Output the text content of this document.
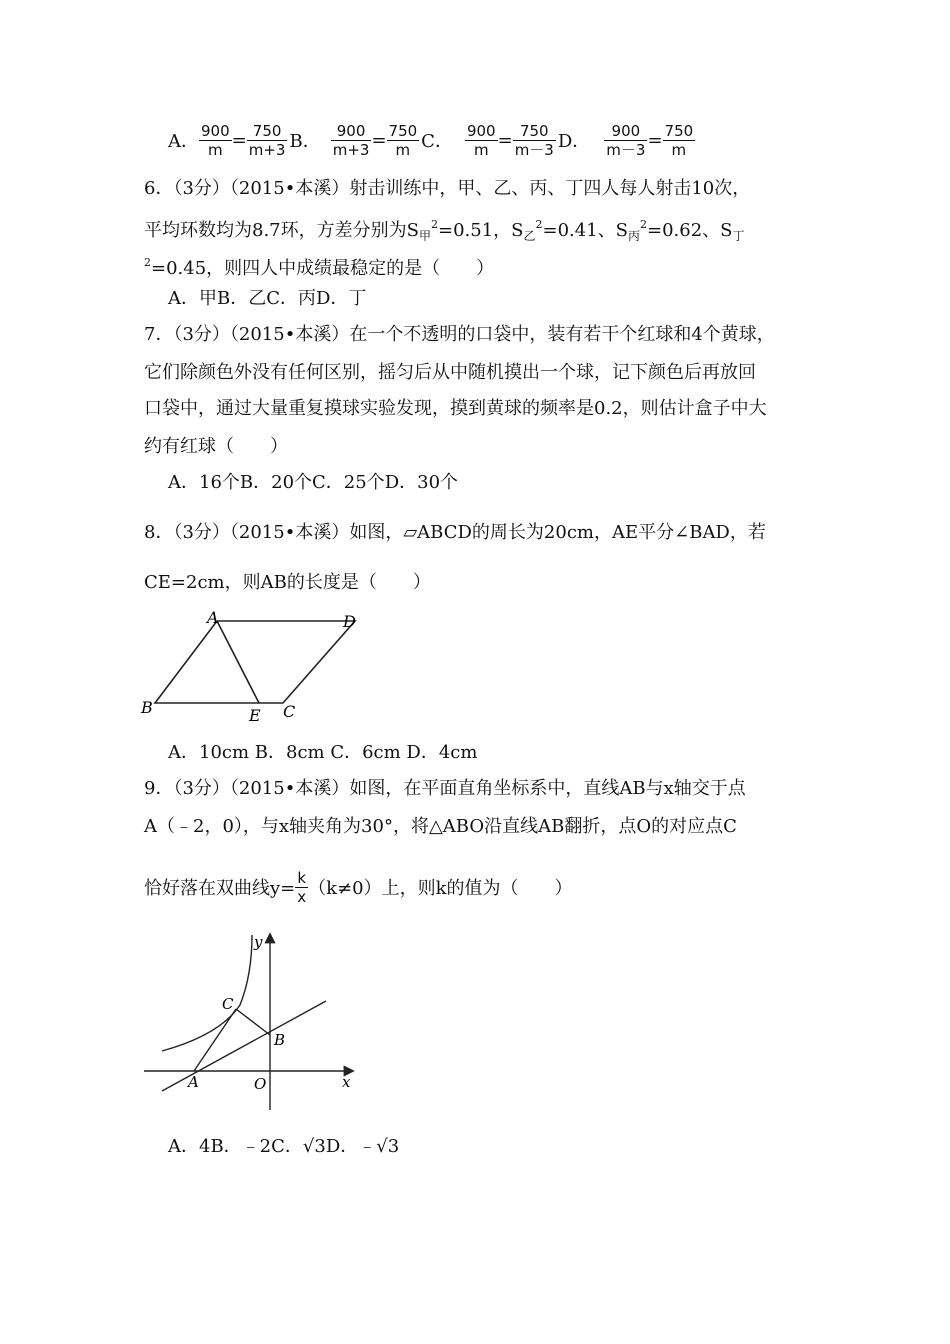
A． $\frac{900}{m} = \frac{750}{m+3}$ B． $\frac{900}{m+3} = \frac{750}{m}$ C． $\frac{900}{m} = \frac{750}{m-3}$ D． $\frac{900}{m-3} = \frac{750}{m}$
6．（3分）（2015•本溪）射击训练中，甲、乙、丙、丁四人每人射击10次，
平均环数均为8.7环，方差分别为$S_甲^2=0.51$，$S_乙^2=0.41$、$S_丙^2=0.62$、$S_丁$
$^2$=0.45，则四人中成绩最稳定的是（　　）
A．甲B．乙C．丙D．丁
7．（3分）（2015•本溪）在一个不透明的口袋中，装有若干个红球和4个黄球，
它们除颜色外没有任何区别，摇匀后从中随机摸出一个球，记下颜色后再放回
口袋中，通过大量重复摸球实验发现，摸到黄球的频率是0.2，则估计盒子中大
约有红球（　　）
A．16个B．20个C．25个D．30个
8．（3分）（2015•本溪）如图，▱ABCD的周长为20cm，AE平分∠BAD，若
CE=2cm，则AB的长度是（　　）
A	D
B	E C
A．10cm B．8cm C．6cm D．4cm
9．（3分）（2015•本溪）如图，在平面直角坐标系中，直线AB与x轴交于点
A（﹣2，0），与x轴夹角为30°，将△ABO沿直线AB翻折，点O的对应点C
恰好落在双曲线$y= \frac{k}{x} (k\ne 0)$上，则k的值为（　　）
y
x
O
A
B
C
A．4B．﹣2C．√3D．﹣√3
